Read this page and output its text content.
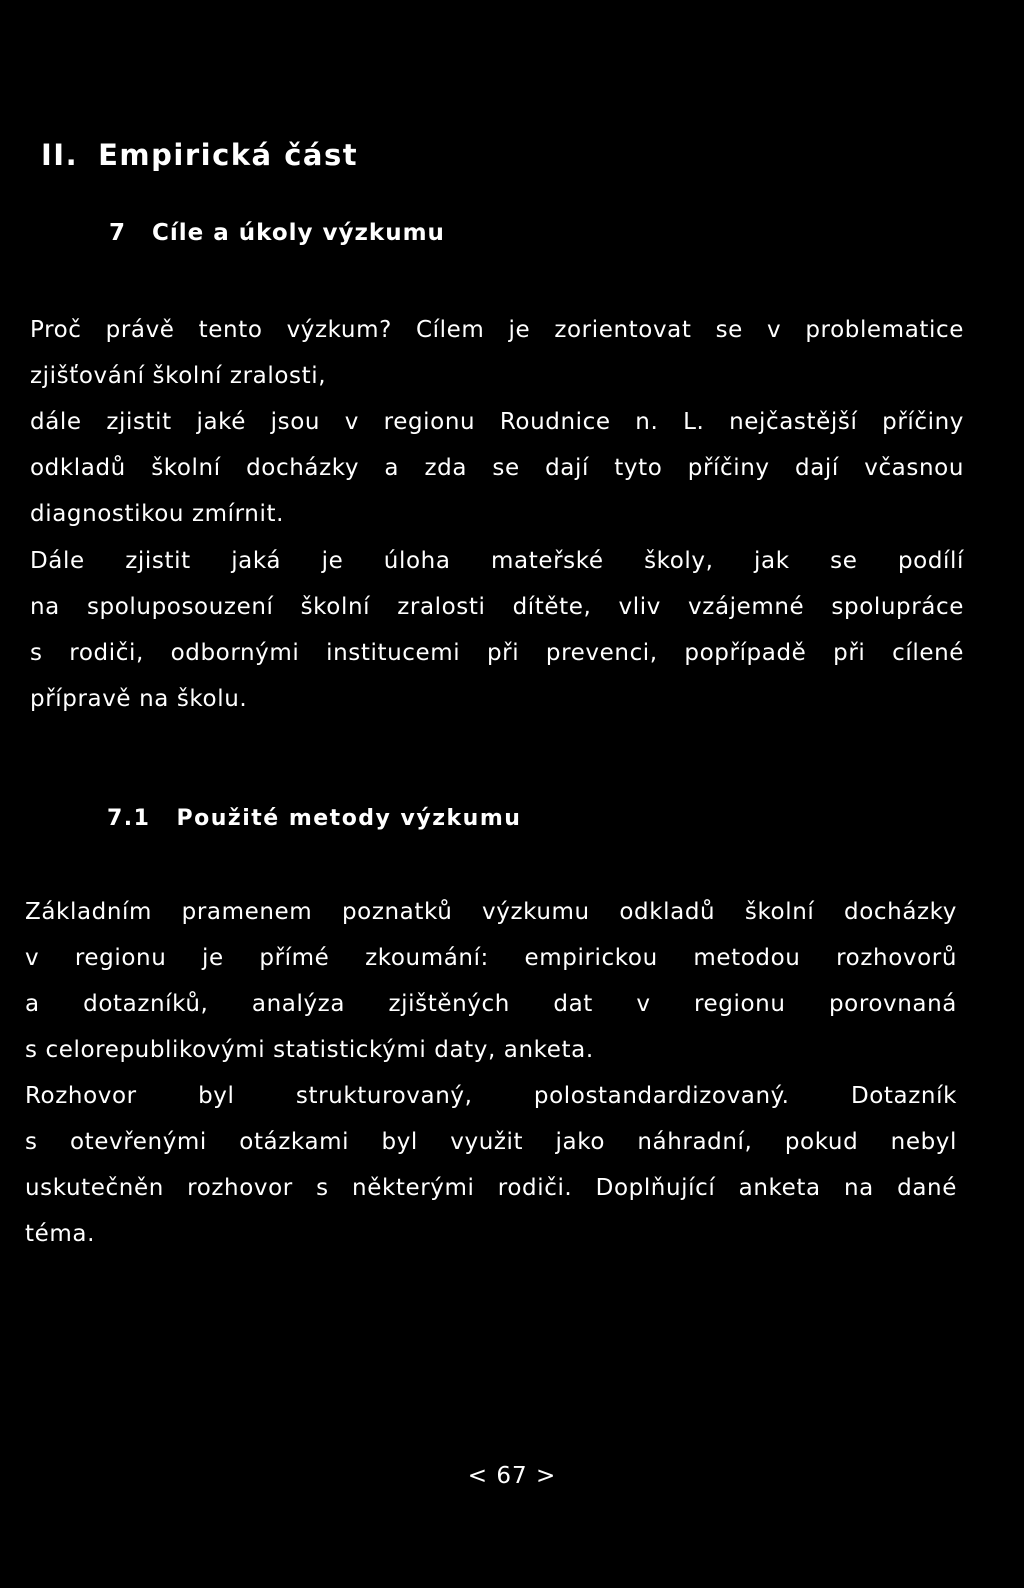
II. Empirická část
7 Cíle a úkoly výzkumu
Proč právě tento výzkum? Cílem je zorientovat se v problematice
zjišťování školní zralosti,
dále zjistit jaké jsou v regionu Roudnice n. L. nejčastější příčiny
odkladů školní docházky a zda se dají tyto příčiny dají včasnou
diagnostikou zmírnit.
Dále zjistit jaká je úloha mateřské školy, jak se podílí
na spoluposouzení školní zralosti dítěte, vliv vzájemné spolupráce
s rodiči, odbornými institucemi při prevenci, popřípadě při cílené
přípravě na školu.
7.1 Použité metody výzkumu
Základním pramenem poznatků výzkumu odkladů školní docházky
v regionu je přímé zkoumání: empirickou metodou rozhovorů
a dotazníků, analýza zjištěných dat v regionu porovnaná
s celorepublikovými statistickými daty, anketa.
Rozhovor byl strukturovaný, polostandardizovaný. Dotazník
s otevřenými otázkami byl využit jako náhradní, pokud nebyl
uskutečněn rozhovor s některými rodiči. Doplňující anketa na dané
téma.
< 67 >
